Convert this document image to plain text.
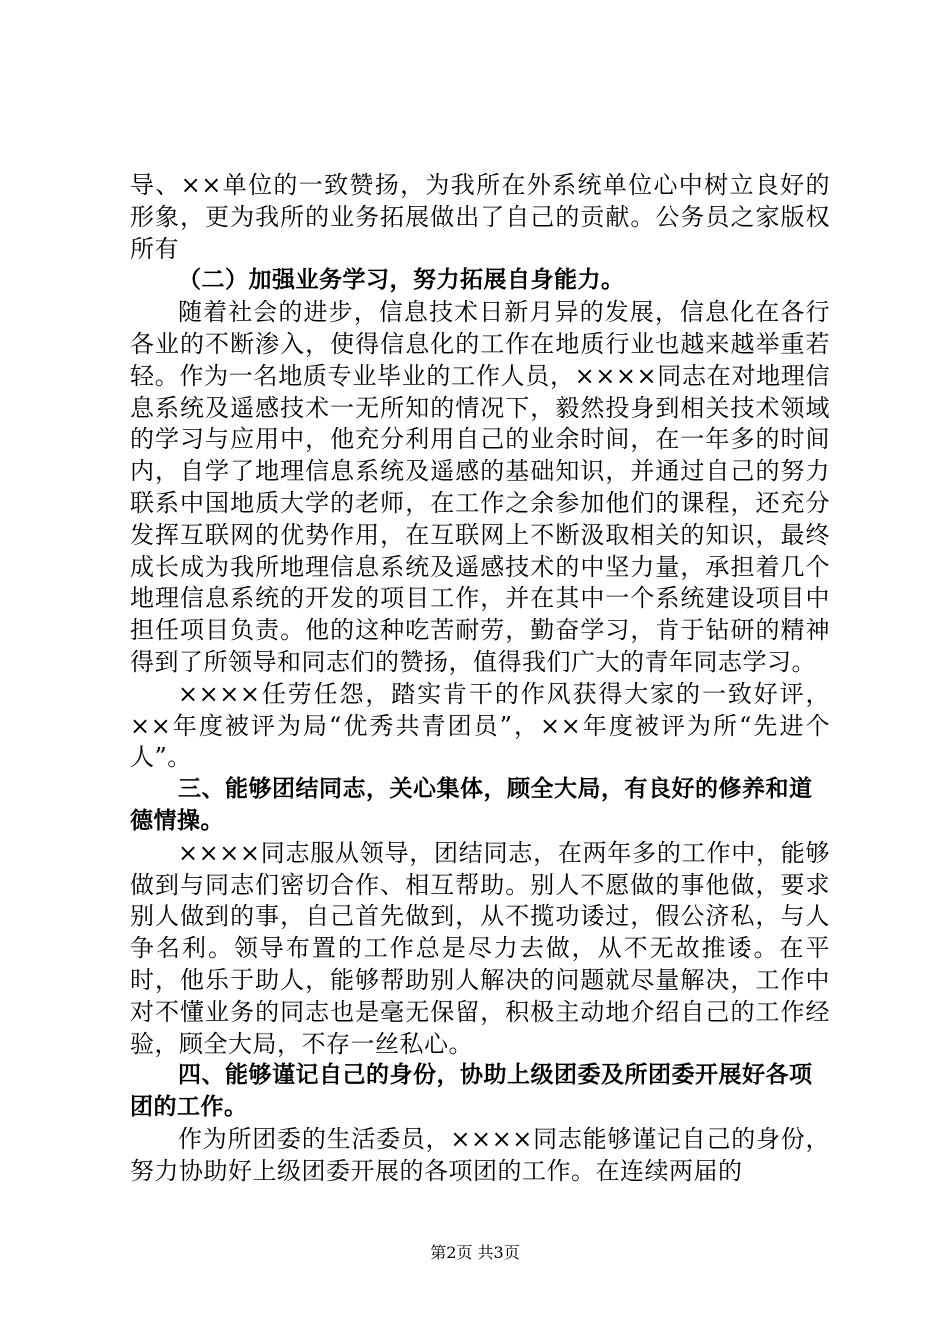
导、××单位的一致赞扬，为我所在外系统单位心中树立良好的形象，更为我所的业务拓展做出了自己的贡献。公务员之家版权所有

（二）加强业务学习，努力拓展自身能力。

随着社会的进步，信息技术日新月异的发展，信息化在各行各业的不断渗入，使得信息化的工作在地质行业也越来越举重若轻。作为一名地质专业毕业的工作人员，××××同志在对地理信息系统及遥感技术一无所知的情况下，毅然投身到相关技术领域的学习与应用中，他充分利用自己的业余时间，在一年多的时间内，自学了地理信息系统及遥感的基础知识，并通过自己的努力联系中国地质大学的老师，在工作之余参加他们的课程，还充分发挥互联网的优势作用，在互联网上不断汲取相关的知识，最终成长成为我所地理信息系统及遥感技术的中坚力量，承担着几个地理信息系统的开发的项目工作，并在其中一个系统建设项目中担任项目负责。他的这种吃苦耐劳，勤奋学习，肯于钻研的精神得到了所领导和同志们的赞扬，值得我们广大的青年同志学习。

××××任劳任怨，踏实肯干的作风获得大家的一致好评，××年度被评为局“优秀共青团员”，××年度被评为所“先进个人”。

三、能够团结同志，关心集体，顾全大局，有良好的修养和道德情操。

××××同志服从领导，团结同志，在两年多的工作中，能够做到与同志们密切合作、相互帮助。别人不愿做的事他做，要求别人做到的事，自己首先做到，从不揽功诿过，假公济私，与人争名利。领导布置的工作总是尽力去做，从不无故推诿。在平时，他乐于助人，能够帮助别人解决的问题就尽量解决，工作中对不懂业务的同志也是毫无保留，积极主动地介绍自己的工作经验，顾全大局，不存一丝私心。

四、能够谨记自己的身份，协助上级团委及所团委开展好各项团的工作。

作为所团委的生活委员，××××同志能够谨记自己的身份，努力协助好上级团委开展的各项团的工作。在连续两届的

第2页 共3页
